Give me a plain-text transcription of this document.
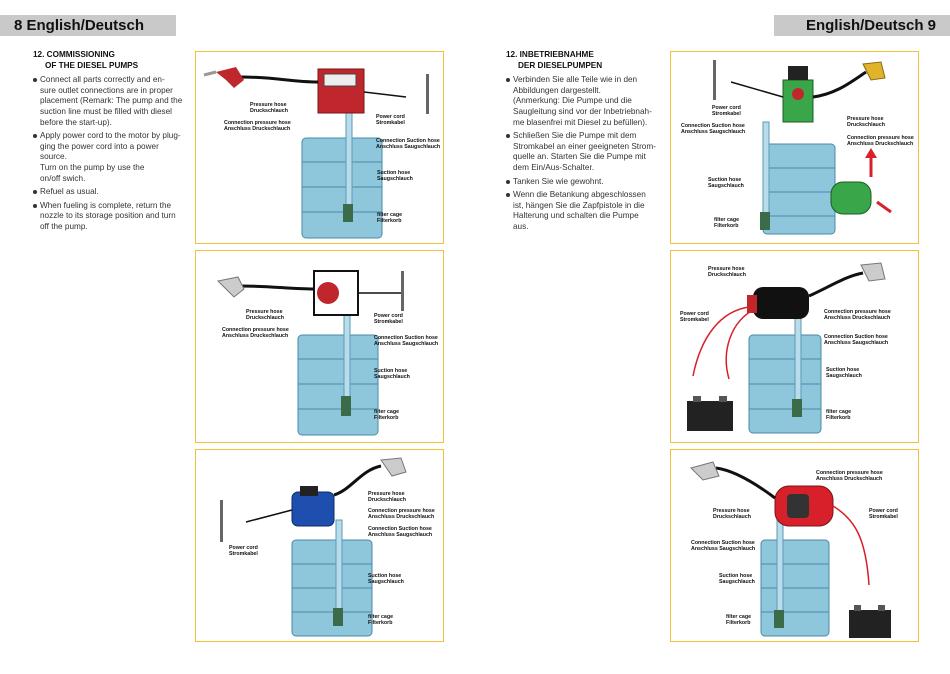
8 English/Deutsch	English/Deutsch 9
12. COMMISSIONING
OF THE DIESEL PUMPS
Connect all parts correctly and en-
sure outlet connections are in proper
placement (Remark: The pump and the
suction line must be filled with diesel
before the start-up).
Apply power cord to the motor by plug-
ging the power cord into a power source.
Turn on the pump by use the
on/off swich.
Refuel as usual.
When fueling is complete, return the
nozzle to its storage position and turn
off the pump.
12. INBETRIEBNAHME
DER DIESELPUMPEN
Verbinden Sie alle Teile wie in den
Abbildungen dargestellt.
(Anmerkung: Die Pumpe und die
Saugleitung sind vor der Inbetriebnah-
me blasenfrei mit Diesel zu befüllen).
Schließen Sie die Pumpe mit dem
Stromkabel an einer geeigneten Strom-
quelle an. Starten Sie die Pumpe mit
dem Ein/Aus-Schalter.
Tanken Sie wie gewohnt.
Wenn die Betankung abgeschlossen
ist, hängen Sie die Zapfpistole in die
Halterung und schalten die Pumpe aus.
Pressure hose
Druckschlauch
Connection pressure hose
Anschluss Druckschlauch
Power cord
Stromkabel
Connection Suction hose
Anschluss Saugschlauch
Suction hose
Saugschlauch
filter cage
Filterkorb
Pressure hose
Druckschlauch
Connection pressure hose
Anschluss Druckschlauch
Power cord
Stromkabel
Connection Suction hose
Anschluss Saugschlauch
Suction hose
Saugschlauch
filter cage
Filterkorb
Pressure hose
Druckschlauch
Connection pressure hose
Anschluss Druckschlauch
Connection Suction hose
Anschluss Saugschlauch
Power cord
Stromkabel
Suction hose
Saugschlauch
filter cage
Filterkorb
Power cord
Stromkabel
Connection Suction hose
Anschluss Saugschlauch
Pressure hose
Druckschlauch
Connection pressure hose
Anschluss Druckschlauch
Suction hose
Saugschlauch
filter cage
Filterkorb
Pressure hose
Druckschlauch
Power cord
Stromkabel
Connection pressure hose
Anschluss Druckschlauch
Connection Suction hose
Anschluss Saugschlauch
Suction hose
Saugschlauch
filter cage
Filterkorb
Connection pressure hose
Anschluss Druckschlauch
Pressure hose
Druckschlauch
Power cord
Stromkabel
Connection Suction hose
Anschluss Saugschlauch
Suction hose
Saugschlauch
filter cage
Filterkorb
